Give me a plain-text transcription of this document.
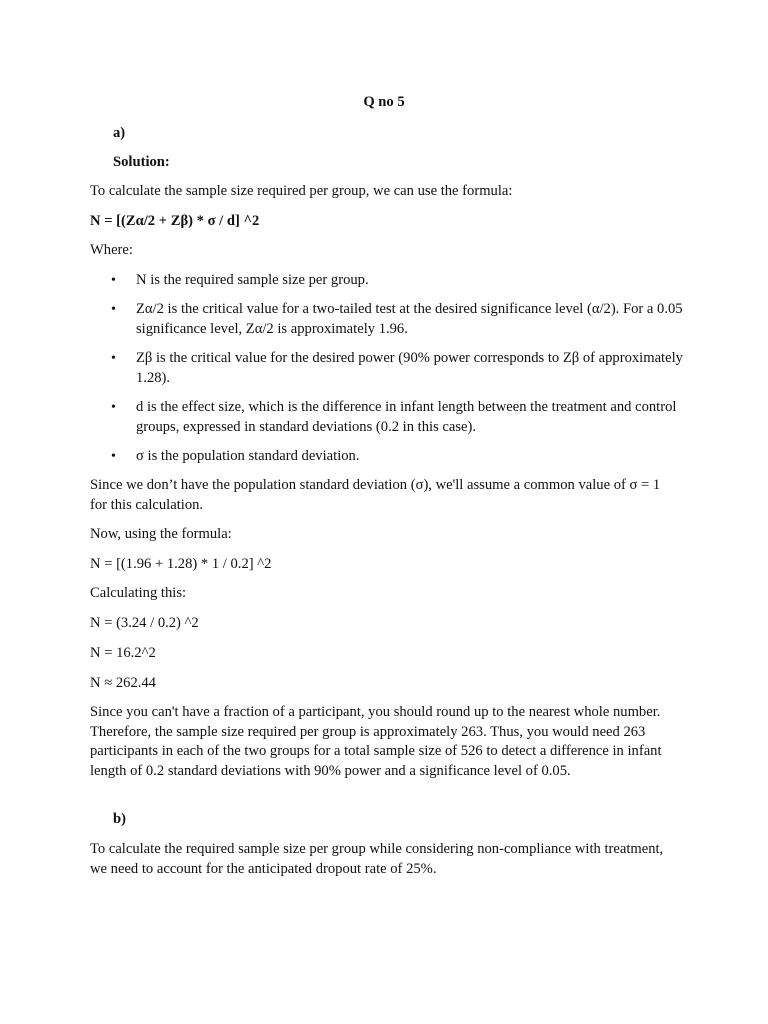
Q no 5

a)

Solution:

To calculate the sample size required per group, we can use the formula:

N = [(Zα/2 + Zβ) * σ / d] ^2

Where:

•	N is the required sample size per group.

•	Zα/2 is the critical value for a two-tailed test at the desired significance level (α/2). For a 0.05 significance level, Zα/2 is approximately 1.96.

•	Zβ is the critical value for the desired power (90% power corresponds to Zβ of approximately 1.28).

•	d is the effect size, which is the difference in infant length between the treatment and control groups, expressed in standard deviations (0.2 in this case).

•	σ is the population standard deviation.

Since we don’t have the population standard deviation (σ), we'll assume a common value of σ = 1 for this calculation.

Now, using the formula:

N = [(1.96 + 1.28) * 1 / 0.2] ^2

Calculating this:

N = (3.24 / 0.2) ^2

N = 16.2^2

N ≈ 262.44

Since you can't have a fraction of a participant, you should round up to the nearest whole number. Therefore, the sample size required per group is approximately 263. Thus, you would need 263 participants in each of the two groups for a total sample size of 526 to detect a difference in infant length of 0.2 standard deviations with 90% power and a significance level of 0.05.

b)

To calculate the required sample size per group while considering non-compliance with treatment, we need to account for the anticipated dropout rate of 25%.
